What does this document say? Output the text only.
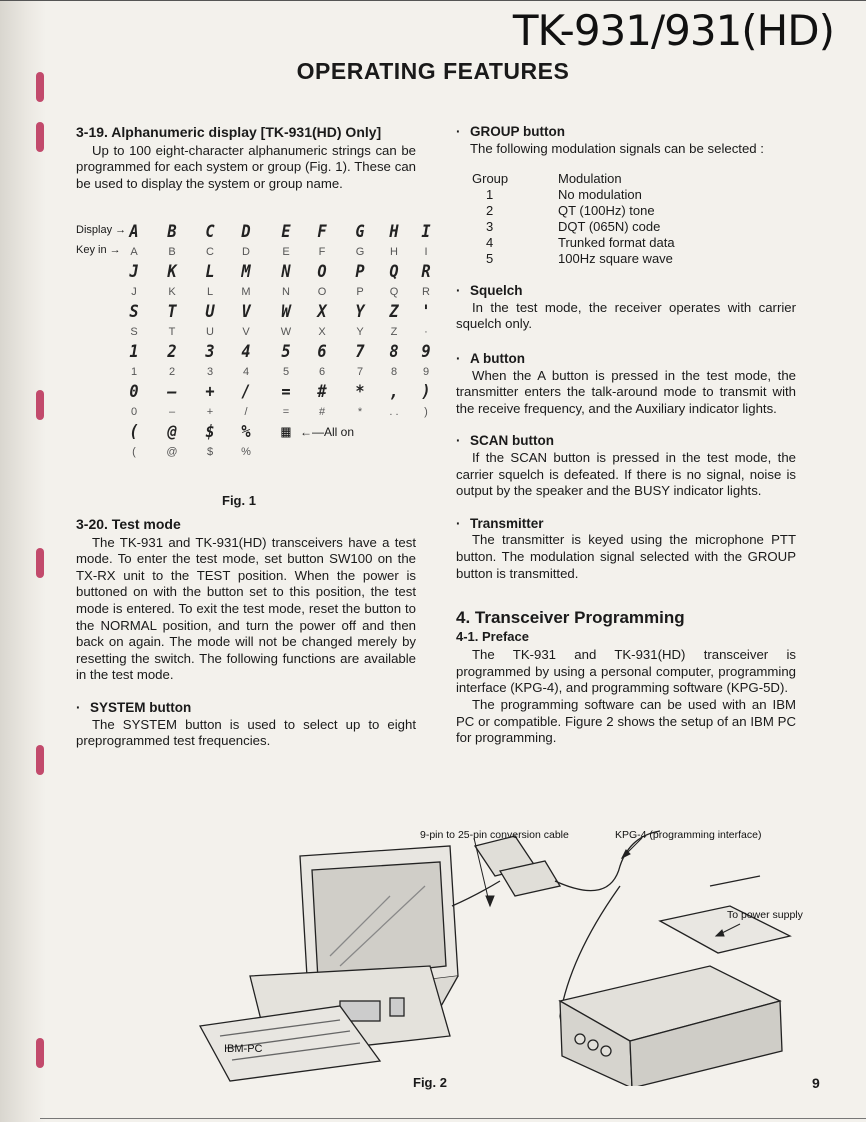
TK-931/931(HD)
OPERATING FEATURES
3-19. Alphanumeric display [TK-931(HD) Only]

Up to 100 eight-character alphanumeric strings can be programmed for each system or group (Fig. 1). These can be used to display the system or group name.

Display → A	B	C	D	E	F	G	H	I
Key in → A	B	C	D	E	F	G	H	I
J	K	L	M	N	O	P	Q	R
J	K	L	M	N	O	P	Q	R
S	T	U	V	W	X	Y	Z	'
S	T	U	V	W	X	Y	Z	·
1	2	3	4	5	6	7	8	9
1	2	3	4	5	6	7	8	9
0	–	+	/	=	#	*	,	)
0	–	+	/	=	#	*	. .	)
(	@	$	%	▦ ←—All on
(	@	$	%
Fig. 1
3-20. Test mode

The TK-931 and TK-931(HD) transceivers have a test mode. To enter the test mode, set button SW100 on the TX-RX unit to the TEST position. When the power is buttoned on with the button set to this position, the test mode is entered. To exit the test mode, reset the button to the NORMAL position, and turn the power off and then back on again. The mode will not be changed merely by resetting the switch. The following functions are available in the test mode.

· SYSTEM button

The SYSTEM button is used to select up to eight preprogrammed test frequencies.

· GROUP button

The following modulation signals can be selected :

Group	Modulation
1	No modulation
2	QT (100Hz) tone
3	DQT (065N) code
4	Trunked format data
5	100Hz square wave
· Squelch

In the test mode, the receiver operates with carrier squelch only.

· A button

When the A button is pressed in the test mode, the transmitter enters the talk-around mode to transmit with the receive frequency, and the Auxiliary indicator lights.

· SCAN button

If the SCAN button is pressed in the test mode, the carrier squelch is defeated. If there is no signal, noise is output by the speaker and the BUSY indicator lights.

· Transmitter

The transmitter is keyed using the microphone PTT button. The modulation signal selected with the GROUP button is transmitted.

4. Transceiver Programming
4-1. Preface

The TK-931 and TK-931(HD) transceiver is programmed by using a personal computer, programming interface (KPG-4), and programming software (KPG-5D).

The programming software can be used with an IBM PC or compatible. Figure 2 shows the setup of an IBM PC for programming.

9-pin to 25-pin conversion cable	KPG-4 (programming interface)
To power supply
IBM-PC
Fig. 2	9
